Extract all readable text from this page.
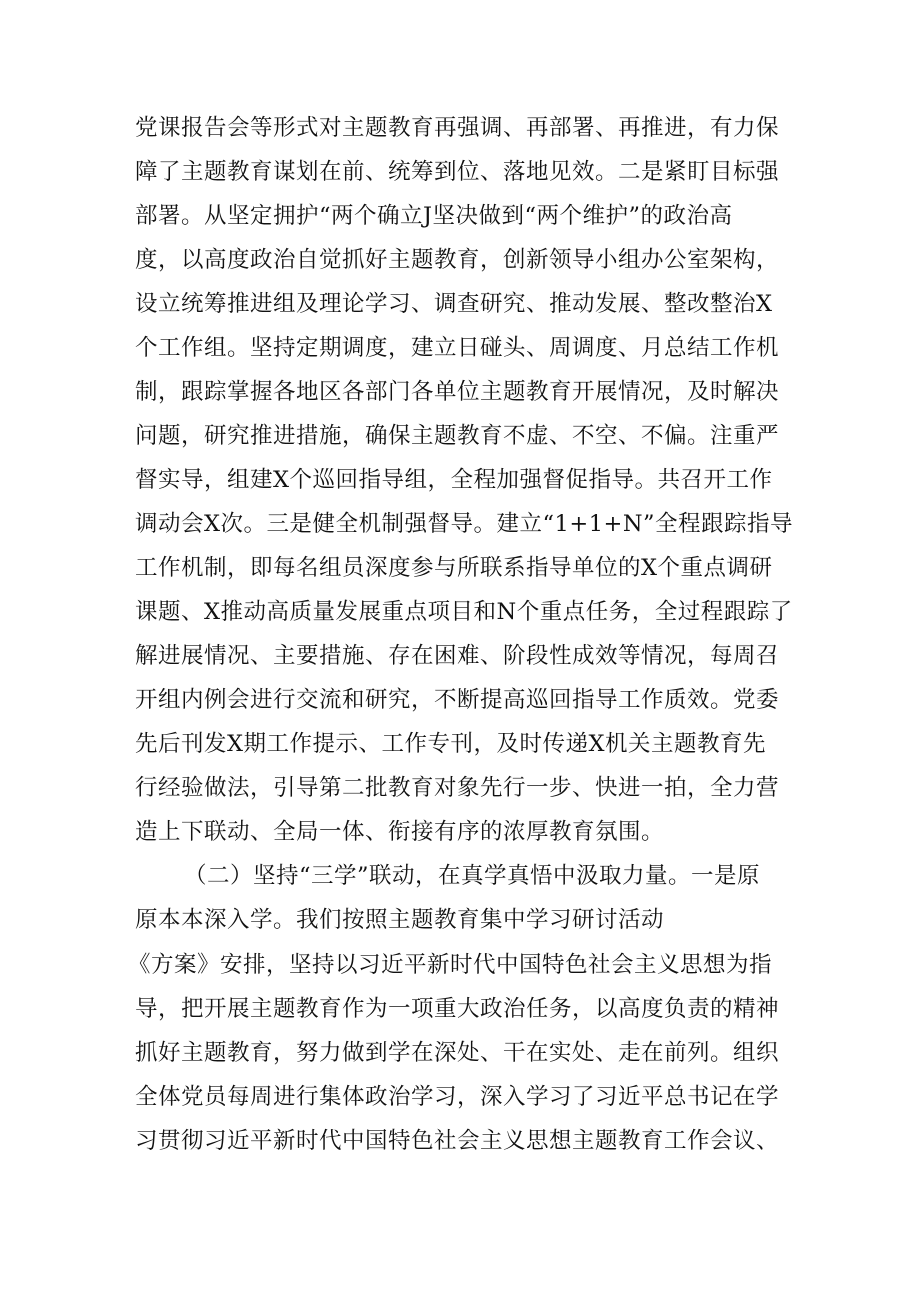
党课报告会等形式对主题教育再强调、再部署、再推进，有力保
障了主题教育谋划在前、统筹到位、落地见效。二是紧盯目标强
部署。从坚定拥护“两个确立J坚决做到“两个维护”的政治高
度，以高度政治自觉抓好主题教育，创新领导小组办公室架构，
设立统筹推进组及理论学习、调查研究、推动发展、整改整治X
个工作组。坚持定期调度，建立日碰头、周调度、月总结工作机
制，跟踪掌握各地区各部门各单位主题教育开展情况，及时解决
问题，研究推进措施，确保主题教育不虚、不空、不偏。注重严
督实导，组建X个巡回指导组，全程加强督促指导。共召开工作
调动会X次。三是健全机制强督导。建立“1+1+N”全程跟踪指导
工作机制，即每名组员深度参与所联系指导单位的X个重点调研
课题、X推动高质量发展重点项目和N个重点任务，全过程跟踪了
解进展情况、主要措施、存在困难、阶段性成效等情况，每周召
开组内例会进行交流和研究，不断提高巡回指导工作质效。党委
先后刊发X期工作提示、工作专刊，及时传递X机关主题教育先
行经验做法，引导第二批教育对象先行一步、快进一拍，全力营
造上下联动、全局一体、衔接有序的浓厚教育氛围。
（二）坚持“三学”联动，在真学真悟中汲取力量。一是原
原本本深入学。我们按照主题教育集中学习研讨活动
《方案》安排，坚持以习近平新时代中国特色社会主义思想为指
导，把开展主题教育作为一项重大政治任务，以高度负责的精神
抓好主题教育，努力做到学在深处、干在实处、走在前列。组织
全体党员每周进行集体政治学习，深入学习了习近平总书记在学
习贯彻习近平新时代中国特色社会主义思想主题教育工作会议、
